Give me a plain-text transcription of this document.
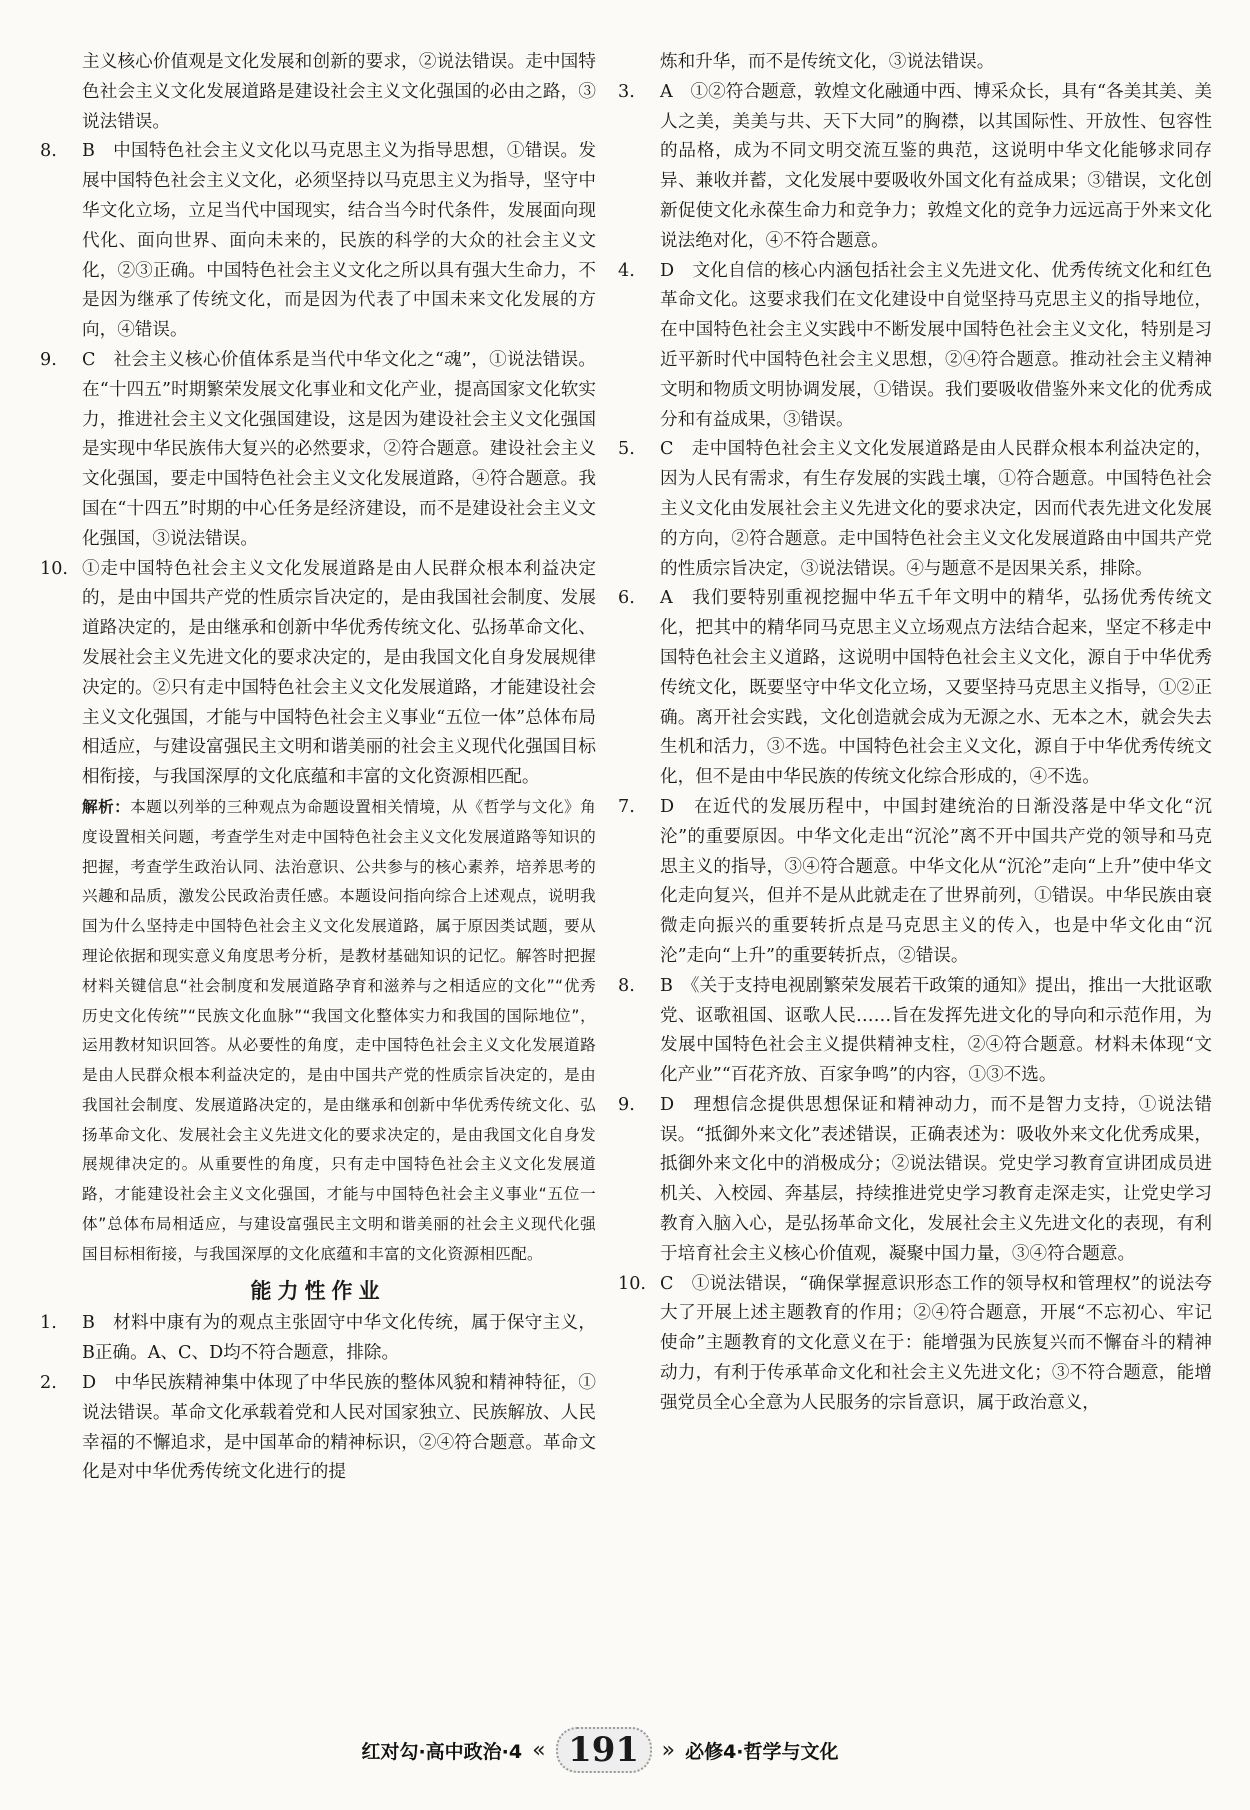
主义核心价值观是文化发展和创新的要求，②说法错误。走中国特色社会主义文化发展道路是建设社会主义文化强国的必由之路，③说法错误。

8. B　中国特色社会主义文化以马克思主义为指导思想，①错误。发展中国特色社会主义文化，必须坚持以马克思主义为指导，坚守中华文化立场，立足当代中国现实，结合当今时代条件，发展面向现代化、面向世界、面向未来的，民族的科学的大众的社会主义文化，②③正确。中国特色社会主义文化之所以具有强大生命力，不是因为继承了传统文化，而是因为代表了中国未来文化发展的方向，④错误。

9. C　社会主义核心价值体系是当代中华文化之“魂”，①说法错误。在“十四五”时期繁荣发展文化事业和文化产业，提高国家文化软实力，推进社会主义文化强国建设，这是因为建设社会主义文化强国是实现中华民族伟大复兴的必然要求，②符合题意。建设社会主义文化强国，要走中国特色社会主义文化发展道路，④符合题意。我国在“十四五”时期的中心任务是经济建设，而不是建设社会主义文化强国，③说法错误。

10. ①走中国特色社会主义文化发展道路是由人民群众根本利益决定的，是由中国共产党的性质宗旨决定的，是由我国社会制度、发展道路决定的，是由继承和创新中华优秀传统文化、弘扬革命文化、发展社会主义先进文化的要求决定的，是由我国文化自身发展规律决定的。②只有走中国特色社会主义文化发展道路，才能建设社会主义文化强国，才能与中国特色社会主义事业“五位一体”总体布局相适应，与建设富强民主文明和谐美丽的社会主义现代化强国目标相衔接，与我国深厚的文化底蕴和丰富的文化资源相匹配。

解析：本题以列举的三种观点为命题设置相关情境，从《哲学与文化》角度设置相关问题，考查学生对走中国特色社会主义文化发展道路等知识的把握，考查学生政治认同、法治意识、公共参与的核心素养，培养思考的兴趣和品质，激发公民政治责任感。本题设问指向综合上述观点，说明我国为什么坚持走中国特色社会主义文化发展道路，属于原因类试题，要从理论依据和现实意义角度思考分析，是教材基础知识的记忆。解答时把握材料关键信息“社会制度和发展道路孕育和滋养与之相适应的文化”“优秀历史文化传统”“民族文化血脉”“我国文化整体实力和我国的国际地位”，运用教材知识回答。从必要性的角度，走中国特色社会主义文化发展道路是由人民群众根本利益决定的，是由中国共产党的性质宗旨决定的，是由我国社会制度、发展道路决定的，是由继承和创新中华优秀传统文化、弘扬革命文化、发展社会主义先进文化的要求决定的，是由我国文化自身发展规律决定的。从重要性的角度，只有走中国特色社会主义文化发展道路，才能建设社会主义文化强国，才能与中国特色社会主义事业“五位一体”总体布局相适应，与建设富强民主文明和谐美丽的社会主义现代化强国目标相衔接，与我国深厚的文化底蕴和丰富的文化资源相匹配。

能力性作业

1. B　材料中康有为的观点主张固守中华文化传统，属于保守主义，B正确。A、C、D均不符合题意，排除。

2. D　中华民族精神集中体现了中华民族的整体风貌和精神特征，①说法错误。革命文化承载着党和人民对国家独立、民族解放、人民幸福的不懈追求，是中国革命的精神标识，②④符合题意。革命文化是对中华优秀传统文化进行的提

炼和升华，而不是传统文化，③说法错误。

3. A　①②符合题意，敦煌文化融通中西、博采众长，具有“各美其美、美人之美，美美与共、天下大同”的胸襟，以其国际性、开放性、包容性的品格，成为不同文明交流互鉴的典范，这说明中华文化能够求同存异、兼收并蓄，文化发展中要吸收外国文化有益成果；③错误，文化创新促使文化永葆生命力和竞争力；敦煌文化的竞争力远远高于外来文化说法绝对化，④不符合题意。

4. D　文化自信的核心内涵包括社会主义先进文化、优秀传统文化和红色革命文化。这要求我们在文化建设中自觉坚持马克思主义的指导地位，在中国特色社会主义实践中不断发展中国特色社会主义文化，特别是习近平新时代中国特色社会主义思想，②④符合题意。推动社会主义精神文明和物质文明协调发展，①错误。我们要吸收借鉴外来文化的优秀成分和有益成果，③错误。

5. C　走中国特色社会主义文化发展道路是由人民群众根本利益决定的，因为人民有需求，有生存发展的实践土壤，①符合题意。中国特色社会主义文化由发展社会主义先进文化的要求决定，因而代表先进文化发展的方向，②符合题意。走中国特色社会主义文化发展道路由中国共产党的性质宗旨决定，③说法错误。④与题意不是因果关系，排除。

6. A　我们要特别重视挖掘中华五千年文明中的精华，弘扬优秀传统文化，把其中的精华同马克思主义立场观点方法结合起来，坚定不移走中国特色社会主义道路，这说明中国特色社会主义文化，源自于中华优秀传统文化，既要坚守中华文化立场，又要坚持马克思主义指导，①②正确。离开社会实践，文化创造就会成为无源之水、无本之木，就会失去生机和活力，③不选。中国特色社会主义文化，源自于中华优秀传统文化，但不是由中华民族的传统文化综合形成的，④不选。

7. D　在近代的发展历程中，中国封建统治的日渐没落是中华文化“沉沦”的重要原因。中华文化走出“沉沦”离不开中国共产党的领导和马克思主义的指导，③④符合题意。中华文化从“沉沦”走向“上升”使中华文化走向复兴，但并不是从此就走在了世界前列，①错误。中华民族由衰微走向振兴的重要转折点是马克思主义的传入，也是中华文化由“沉沦”走向“上升”的重要转折点，②错误。

8. B　《关于支持电视剧繁荣发展若干政策的通知》提出，推出一大批讴歌党、讴歌祖国、讴歌人民……旨在发挥先进文化的导向和示范作用，为发展中国特色社会主义提供精神支柱，②④符合题意。材料未体现“文化产业”“百花齐放、百家争鸣”的内容，①③不选。

9. D　理想信念提供思想保证和精神动力，而不是智力支持，①说法错误。“抵御外来文化”表述错误，正确表述为：吸收外来文化优秀成果，抵御外来文化中的消极成分；②说法错误。党史学习教育宣讲团成员进机关、入校园、奔基层，持续推进党史学习教育走深走实，让党史学习教育入脑入心，是弘扬革命文化，发展社会主义先进文化的表现，有利于培育社会主义核心价值观，凝聚中国力量，③④符合题意。

10. C　①说法错误，“确保掌握意识形态工作的领导权和管理权”的说法夸大了开展上述主题教育的作用；②④符合题意，开展“不忘初心、牢记使命”主题教育的文化意义在于：能增强为民族复兴而不懈奋斗的精神动力，有利于传承革命文化和社会主义先进文化；③不符合题意，能增强党员全心全意为人民服务的宗旨意识，属于政治意义，

红对勾·高中政治·4 « 191	» 必修4·哲学与文化
